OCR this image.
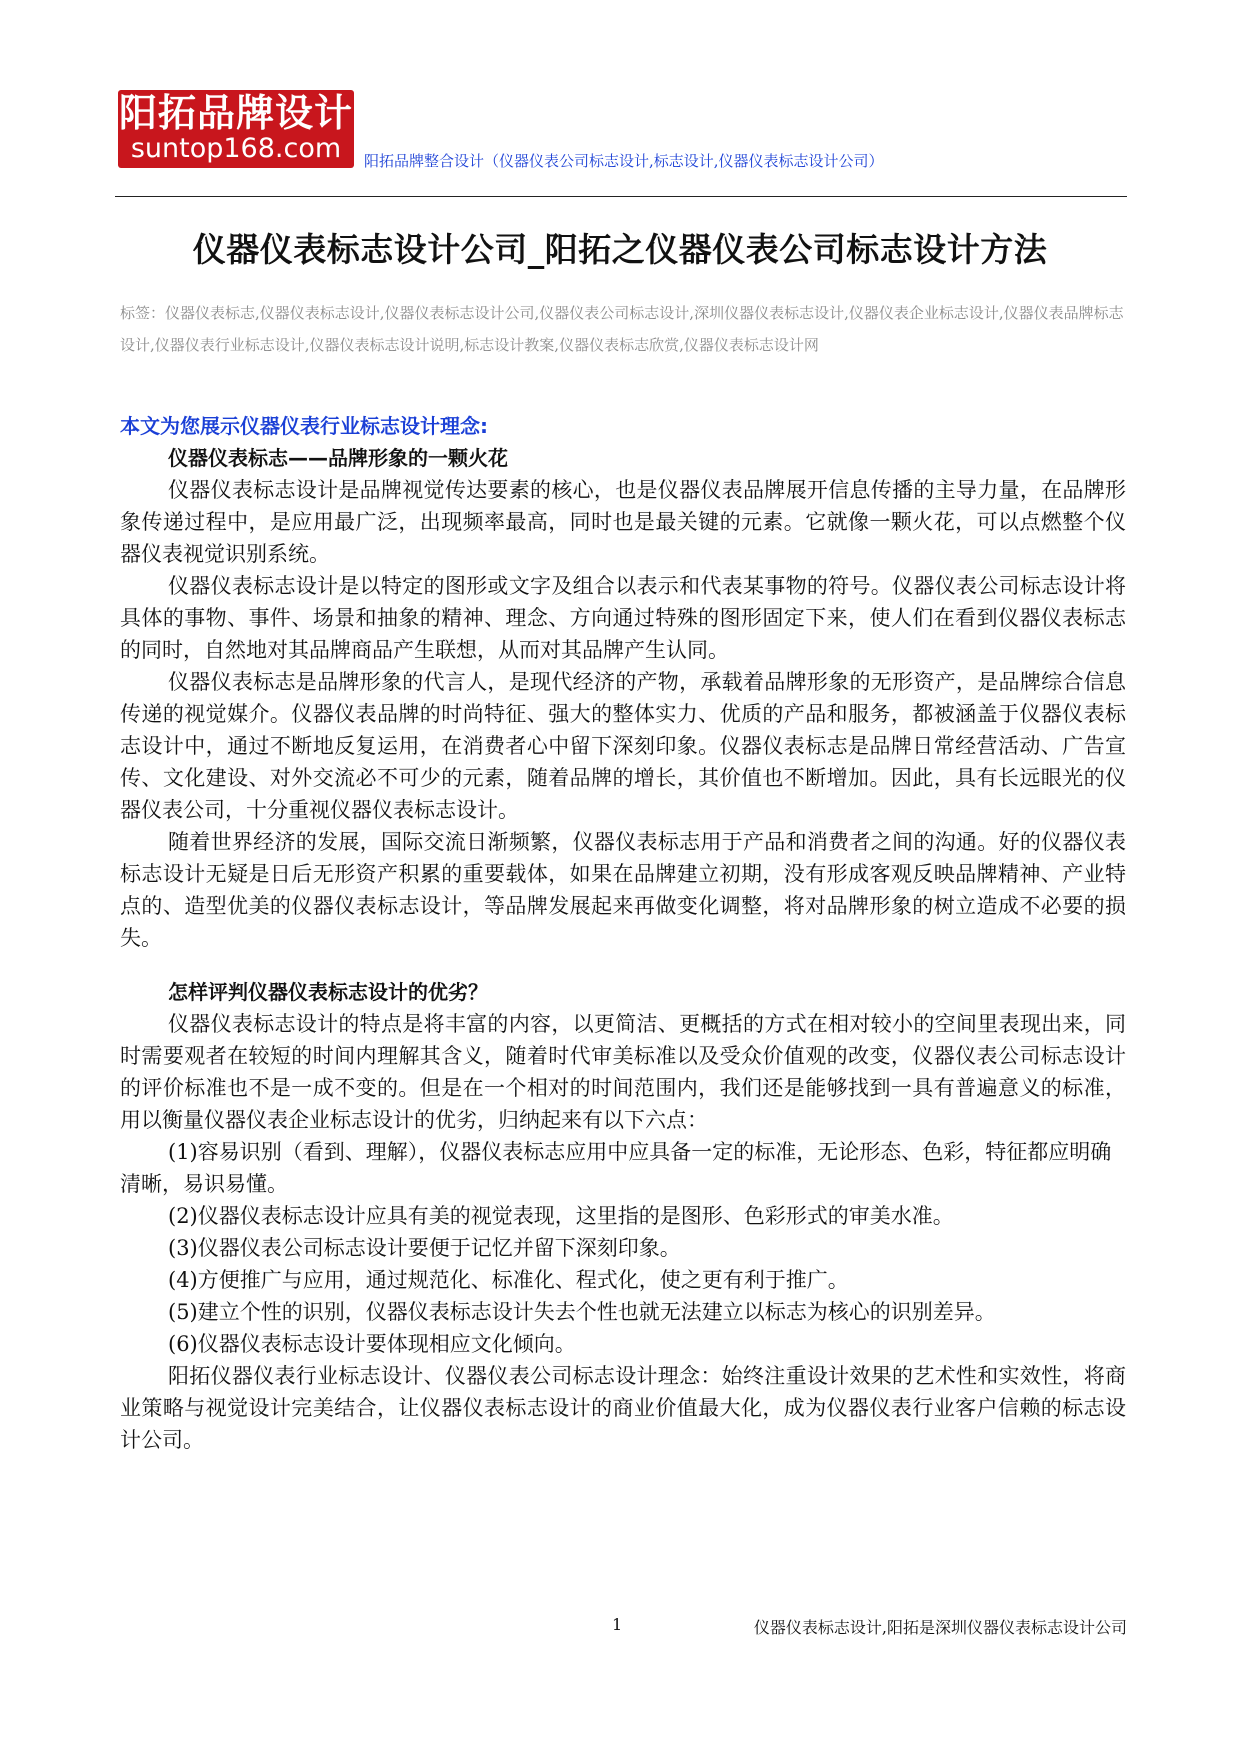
阳拓品牌设计
suntop168.com	阳拓品牌整合设计（仪器仪表公司标志设计,标志设计,仪器仪表标志设计公司）
仪器仪表标志设计公司_阳拓之仪器仪表公司标志设计方法
标签：仪器仪表标志,仪器仪表标志设计,仪器仪表标志设计公司,仪器仪表公司标志设计,深圳仪器仪表标志设计,仪器仪表企业标志设计,仪器仪表品牌标志设计,仪器仪表行业标志设计,仪器仪表标志设计说明,标志设计教案,仪器仪表标志欣赏,仪器仪表标志设计网

本文为您展示仪器仪表行业标志设计理念:

仪器仪表标志——品牌形象的一颗火花

仪器仪表标志设计是品牌视觉传达要素的核心，也是仪器仪表品牌展开信息传播的主导力量，在品牌形象传递过程中，是应用最广泛，出现频率最高，同时也是最关键的元素。它就像一颗火花，可以点燃整个仪器仪表视觉识别系统。

仪器仪表标志设计是以特定的图形或文字及组合以表示和代表某事物的符号。仪器仪表公司标志设计将具体的事物、事件、场景和抽象的精神、理念、方向通过特殊的图形固定下来，使人们在看到仪器仪表标志的同时，自然地对其品牌商品产生联想，从而对其品牌产生认同。

仪器仪表标志是品牌形象的代言人，是现代经济的产物，承载着品牌形象的无形资产，是品牌综合信息传递的视觉媒介。仪器仪表品牌的时尚特征、强大的整体实力、优质的产品和服务，都被涵盖于仪器仪表标志设计中，通过不断地反复运用，在消费者心中留下深刻印象。仪器仪表标志是品牌日常经营活动、广告宣传、文化建设、对外交流必不可少的元素，随着品牌的增长，其价值也不断增加。因此，具有长远眼光的仪器仪表公司，十分重视仪器仪表标志设计。

随着世界经济的发展，国际交流日渐频繁，仪器仪表标志用于产品和消费者之间的沟通。好的仪器仪表标志设计无疑是日后无形资产积累的重要载体，如果在品牌建立初期，没有形成客观反映品牌精神、产业特点的、造型优美的仪器仪表标志设计，等品牌发展起来再做变化调整，将对品牌形象的树立造成不必要的损失。

怎样评判仪器仪表标志设计的优劣？

仪器仪表标志设计的特点是将丰富的内容，以更简洁、更概括的方式在相对较小的空间里表现出来，同时需要观者在较短的时间内理解其含义，随着时代审美标准以及受众价值观的改变，仪器仪表公司标志设计的评价标准也不是一成不变的。但是在一个相对的时间范围内，我们还是能够找到一具有普遍意义的标准，用以衡量仪器仪表企业标志设计的优劣，归纳起来有以下六点：

(1)容易识别（看到、理解），仪器仪表标志应用中应具备一定的标准，无论形态、色彩，特征都应明确清晰，易识易懂。

(2)仪器仪表标志设计应具有美的视觉表现，这里指的是图形、色彩形式的审美水准。

(3)仪器仪表公司标志设计要便于记忆并留下深刻印象。

(4)方便推广与应用，通过规范化、标准化、程式化，使之更有利于推广。

(5)建立个性的识别，仪器仪表标志设计失去个性也就无法建立以标志为核心的识别差异。

(6)仪器仪表标志设计要体现相应文化倾向。

阳拓仪器仪表行业标志设计、仪器仪表公司标志设计理念：始终注重设计效果的艺术性和实效性，将商业策略与视觉设计完美结合，让仪器仪表标志设计的商业价值最大化，成为仪器仪表行业客户信赖的标志设计公司。

1	仪器仪表标志设计,阳拓是深圳仪器仪表标志设计公司
